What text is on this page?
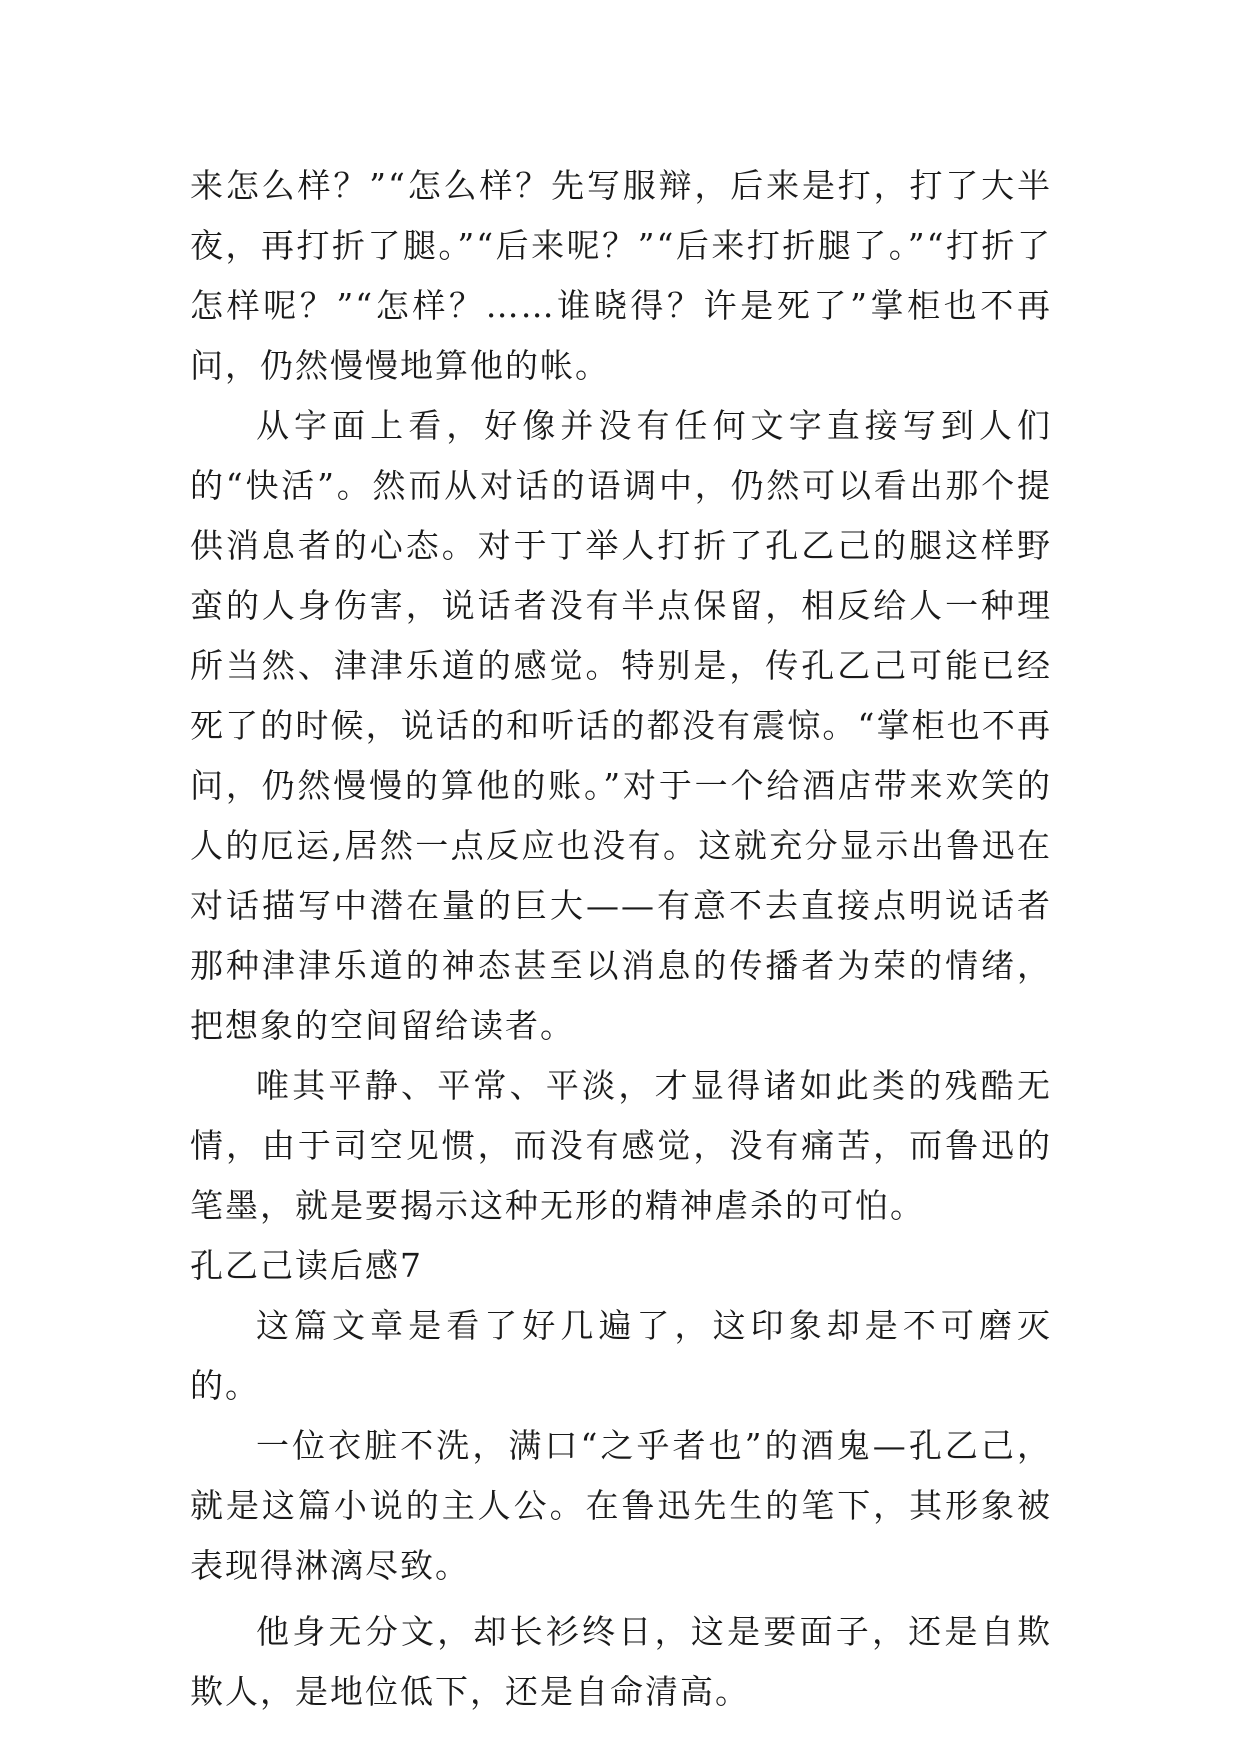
来怎么样？”“怎么样？先写服辩，后来是打，打了大半夜，再打折了腿。”“后来呢？”“后来打折腿了。”“打折了怎样呢？”“怎样？……谁晓得？许是死了”掌柜也不再问，仍然慢慢地算他的帐。

从字面上看，好像并没有任何文字直接写到人们的“快活”。然而从对话的语调中，仍然可以看出那个提供消息者的心态。对于丁举人打折了孔乙己的腿这样野蛮的人身伤害，说话者没有半点保留，相反给人一种理所当然、津津乐道的感觉。特别是，传孔乙己可能已经死了的时候，说话的和听话的都没有震惊。“掌柜也不再问，仍然慢慢的算他的账。”对于一个给酒店带来欢笑的人的厄运,居然一点反应也没有。这就充分显示出鲁迅在对话描写中潜在量的巨大——有意不去直接点明说话者那种津津乐道的神态甚至以消息的传播者为荣的情绪，把想象的空间留给读者。

唯其平静、平常、平淡，才显得诸如此类的残酷无情，由于司空见惯，而没有感觉，没有痛苦，而鲁迅的笔墨，就是要揭示这种无形的精神虐杀的可怕。

孔乙己读后感7

这篇文章是看了好几遍了，这印象却是不可磨灭的。

一位衣脏不洗，满口“之乎者也”的酒鬼—孔乙己，就是这篇小说的主人公。在鲁迅先生的笔下，其形象被表现得淋漓尽致。

他身无分文，却长衫终日，这是要面子，还是自欺欺人，是地位低下，还是自命清高。
